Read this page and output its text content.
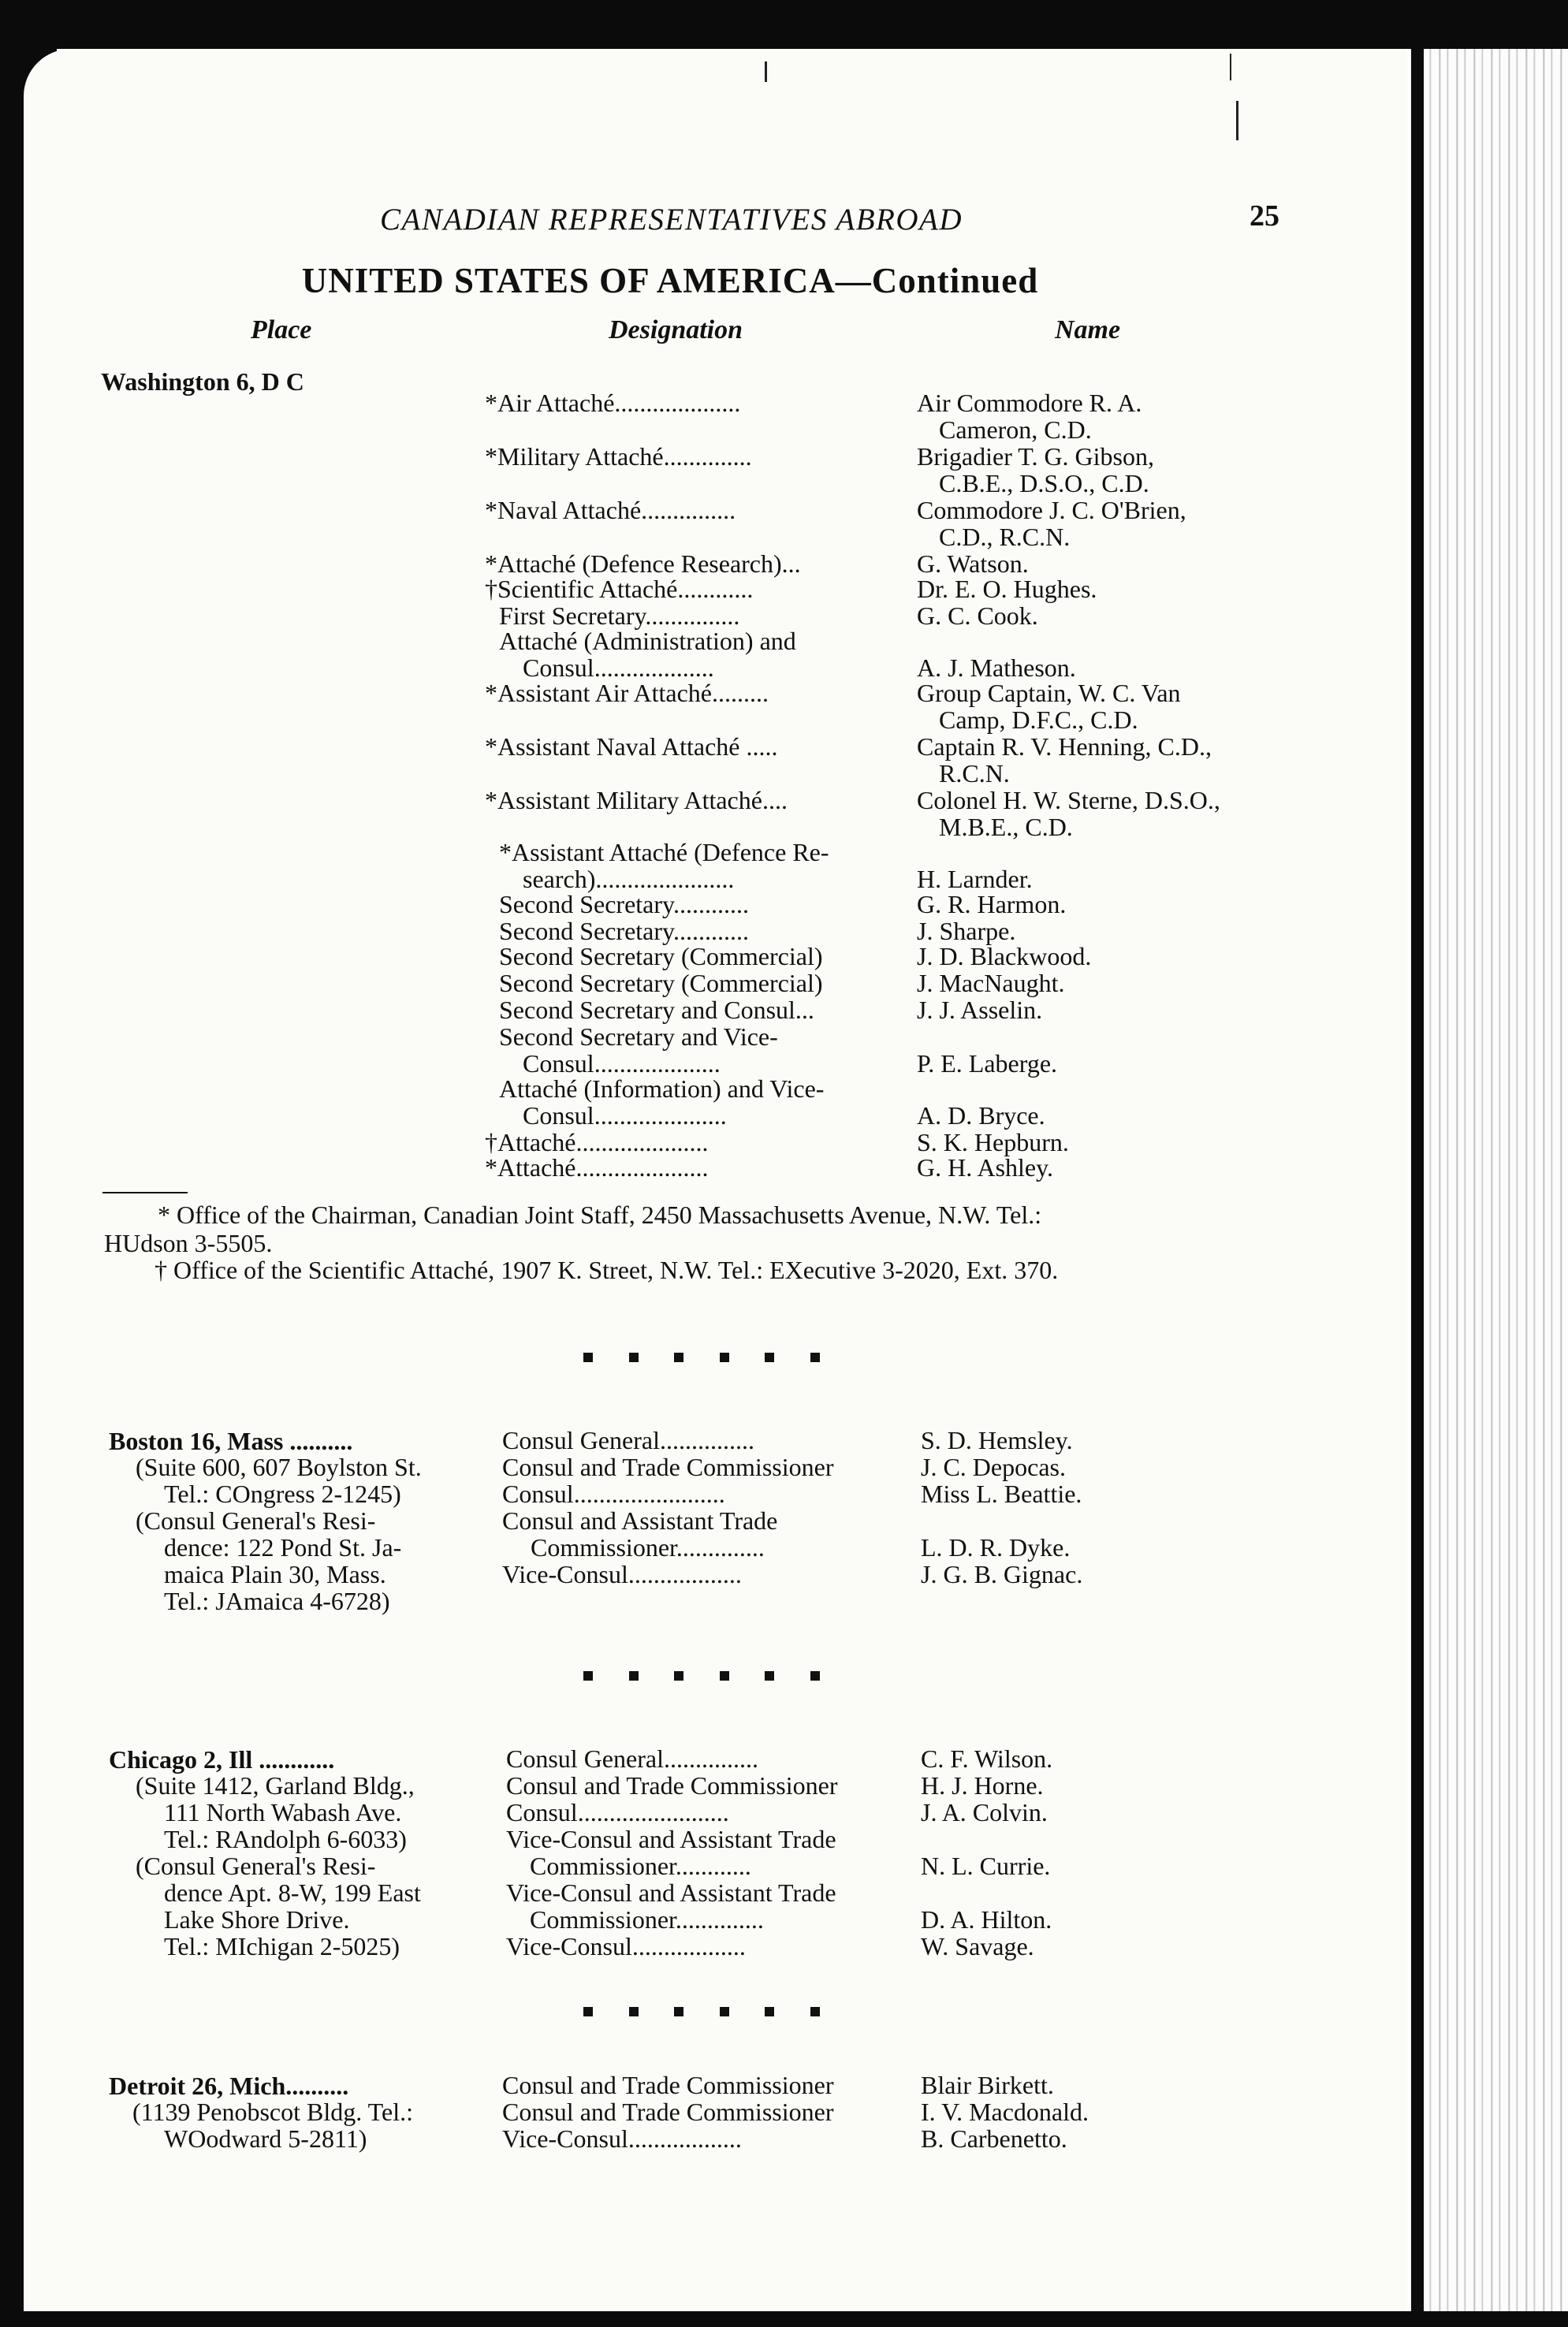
CANADIAN REPRESENTATIVES ABROAD	25
UNITED STATES OF AMERICA—Continued
Place	Designation	Name
Washington 6, D C
*Air Attaché....................	Air Commodore R. A.
Cameron, C.D.
*Military Attaché..............	Brigadier T. G. Gibson,
C.B.E., D.S.O., C.D.
*Naval Attaché...............	Commodore J. C. O'Brien,
C.D., R.C.N.
*Attaché (Defence Research)...	G. Watson.
†Scientific Attaché............	Dr. E. O. Hughes.
First Secretary...............	G. C. Cook.
Attaché (Administration) and
Consul...................	A. J. Matheson.
*Assistant Air Attaché.........	Group Captain, W. C. Van
Camp, D.F.C., C.D.
*Assistant Naval Attaché .....	Captain R. V. Henning, C.D.,
R.C.N.
*Assistant Military Attaché....	Colonel H. W. Sterne, D.S.O.,
M.B.E., C.D.
*Assistant Attaché (Defence Re-
search)......................	H. Larnder.
Second Secretary............	G. R. Harmon.
Second Secretary............	J. Sharpe.
Second Secretary (Commercial)	J. D. Blackwood.
Second Secretary (Commercial)	J. MacNaught.
Second Secretary and Consul...	J. J. Asselin.
Second Secretary and Vice-
Consul....................	P. E. Laberge.
Attaché (Information) and Vice-
Consul.....................	A. D. Bryce.
†Attaché.....................	S. K. Hepburn.
*Attaché.....................	G. H. Ashley.
Boston 16, Mass ..........
(Suite 600, 607 Boylston St.
Tel.: COngress 2-1245)
(Consul General's Resi-
dence: 122 Pond St. Ja-
maica Plain 30, Mass.
Tel.: JAmaica 4-6728)
Consul General...............	S. D. Hemsley.
Consul and Trade Commissioner	J. C. Depocas.
Consul........................	Miss L. Beattie.
Consul and Assistant Trade
Commissioner..............	L. D. R. Dyke.
Vice-Consul..................	J. G. B. Gignac.
Chicago 2, Ill ............
(Suite 1412, Garland Bldg.,
111 North Wabash Ave.
Tel.: RAndolph 6-6033)
(Consul General's Resi-
dence Apt. 8-W, 199 East
Lake Shore Drive.
Tel.: MIchigan 2-5025)
Consul General...............	C. F. Wilson.
Consul and Trade Commissioner	H. J. Horne.
Consul........................	J. A. Colvin.
Vice-Consul and Assistant Trade
Commissioner............	N. L. Currie.
Vice-Consul and Assistant Trade
Commissioner..............	D. A. Hilton.
Vice-Consul..................	W. Savage.
Detroit 26, Mich..........
(1139 Penobscot Bldg. Tel.:
WOodward 5-2811)
Consul and Trade Commissioner	Blair Birkett.
Consul and Trade Commissioner	I. V. Macdonald.
Vice-Consul..................	B. Carbenetto.
* Office of the Chairman, Canadian Joint Staff, 2450 Massachusetts Avenue, N.W. Tel.:
HUdson 3-5505.
† Office of the Scientific Attaché, 1907 K. Street, N.W. Tel.: EXecutive 3-2020, Ext. 370.
